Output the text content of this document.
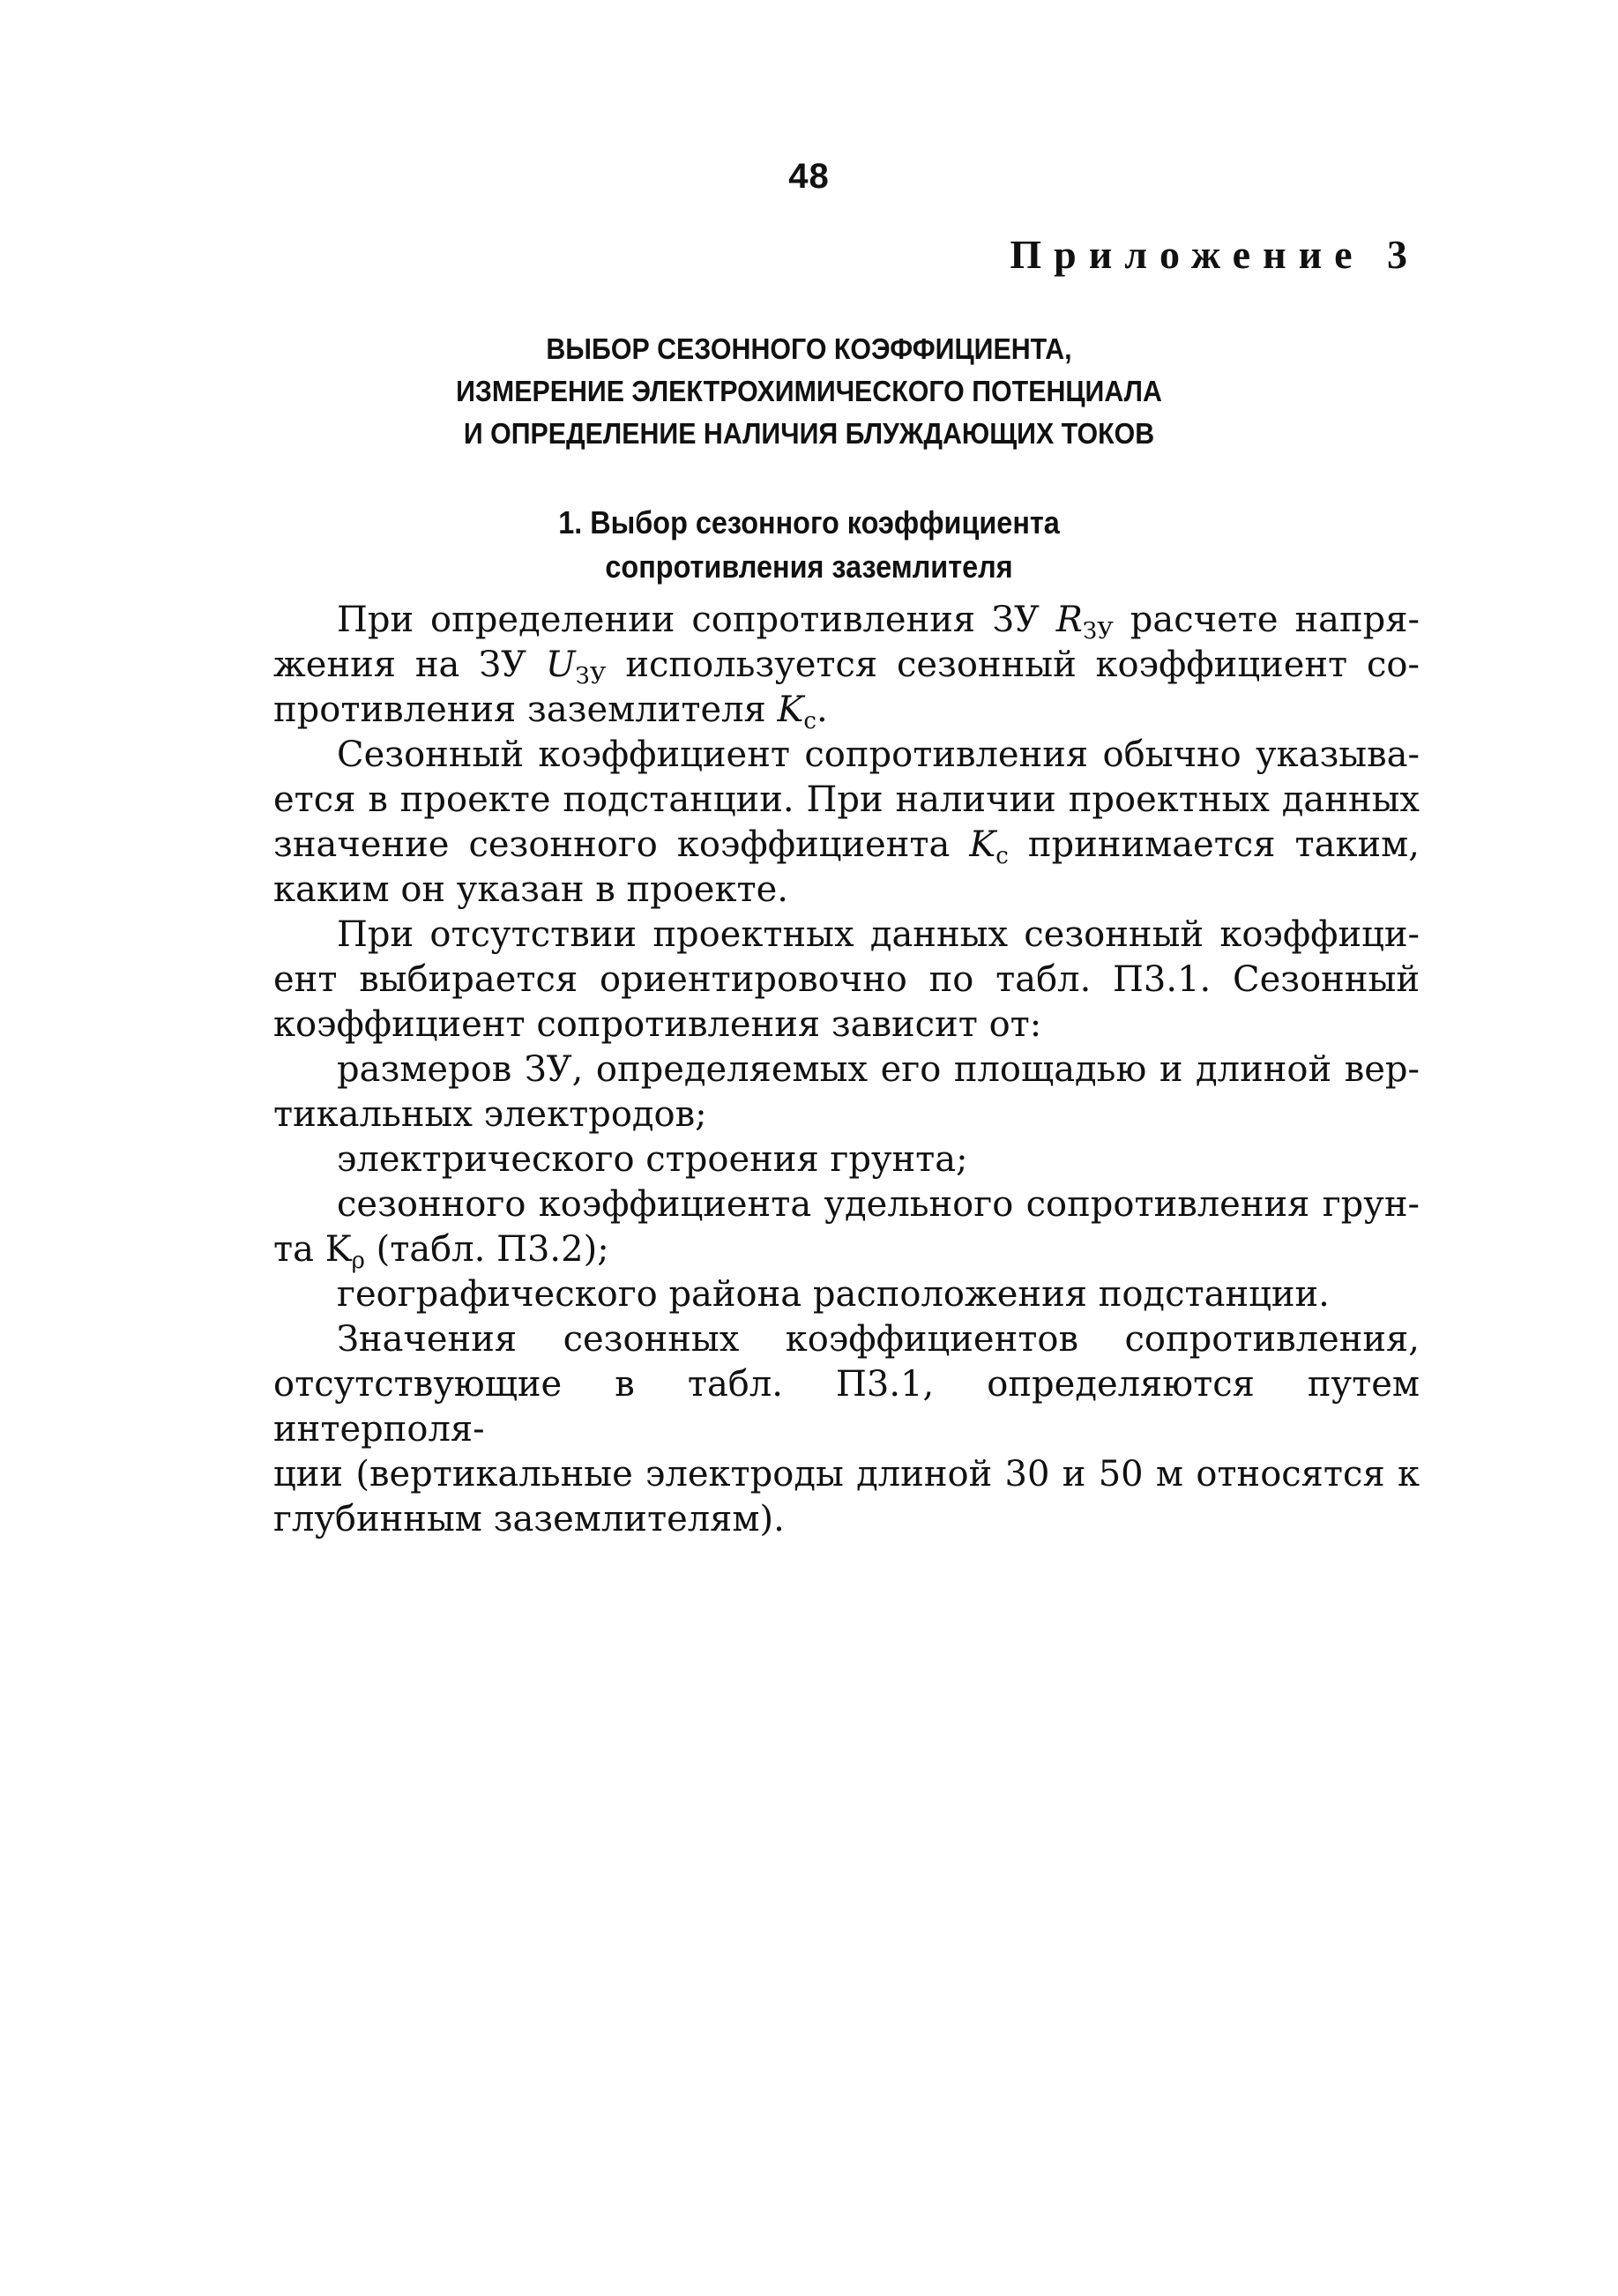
48
Приложение 3
ВЫБОР СЕЗОННОГО КОЭФФИЦИЕНТА,
ИЗМЕРЕНИЕ ЭЛЕКТРОХИМИЧЕСКОГО ПОТЕНЦИАЛА
И ОПРЕДЕЛЕНИЕ НАЛИЧИЯ БЛУЖДАЮЩИХ ТОКОВ
1. Выбор сезонного коэффициента
сопротивления заземлителя
При определении сопротивления ЗУ $R_{ЗУ}$ расчете напря-
жения на ЗУ $U_{ЗУ}$ используется сезонный коэффициент со-
противления заземлителя $K_с$.
Сезонный коэффициент сопротивления обычно указыва-
ется в проекте подстанции. При наличии проектных данных
значение сезонного коэффициента $K_с$ принимается таким,
каким он указан в проекте.
При отсутствии проектных данных сезонный коэффици-
ент выбирается ориентировочно по табл. П3.1. Сезонный
коэффициент сопротивления зависит от:
размеров ЗУ, определяемых его площадью и длиной вер-
тикальных электродов;
электрического строения грунта;
сезонного коэффициента удельного сопротивления грун-
та $K_\rho$ (табл. П3.2);
географического района расположения подстанции.
Значения сезонных коэффициентов сопротивления,
отсутствующие в табл. П3.1, определяются путем интерполя-
ции (вертикальные электроды длиной 30 и 50 м относятся к
глубинным заземлителям).
